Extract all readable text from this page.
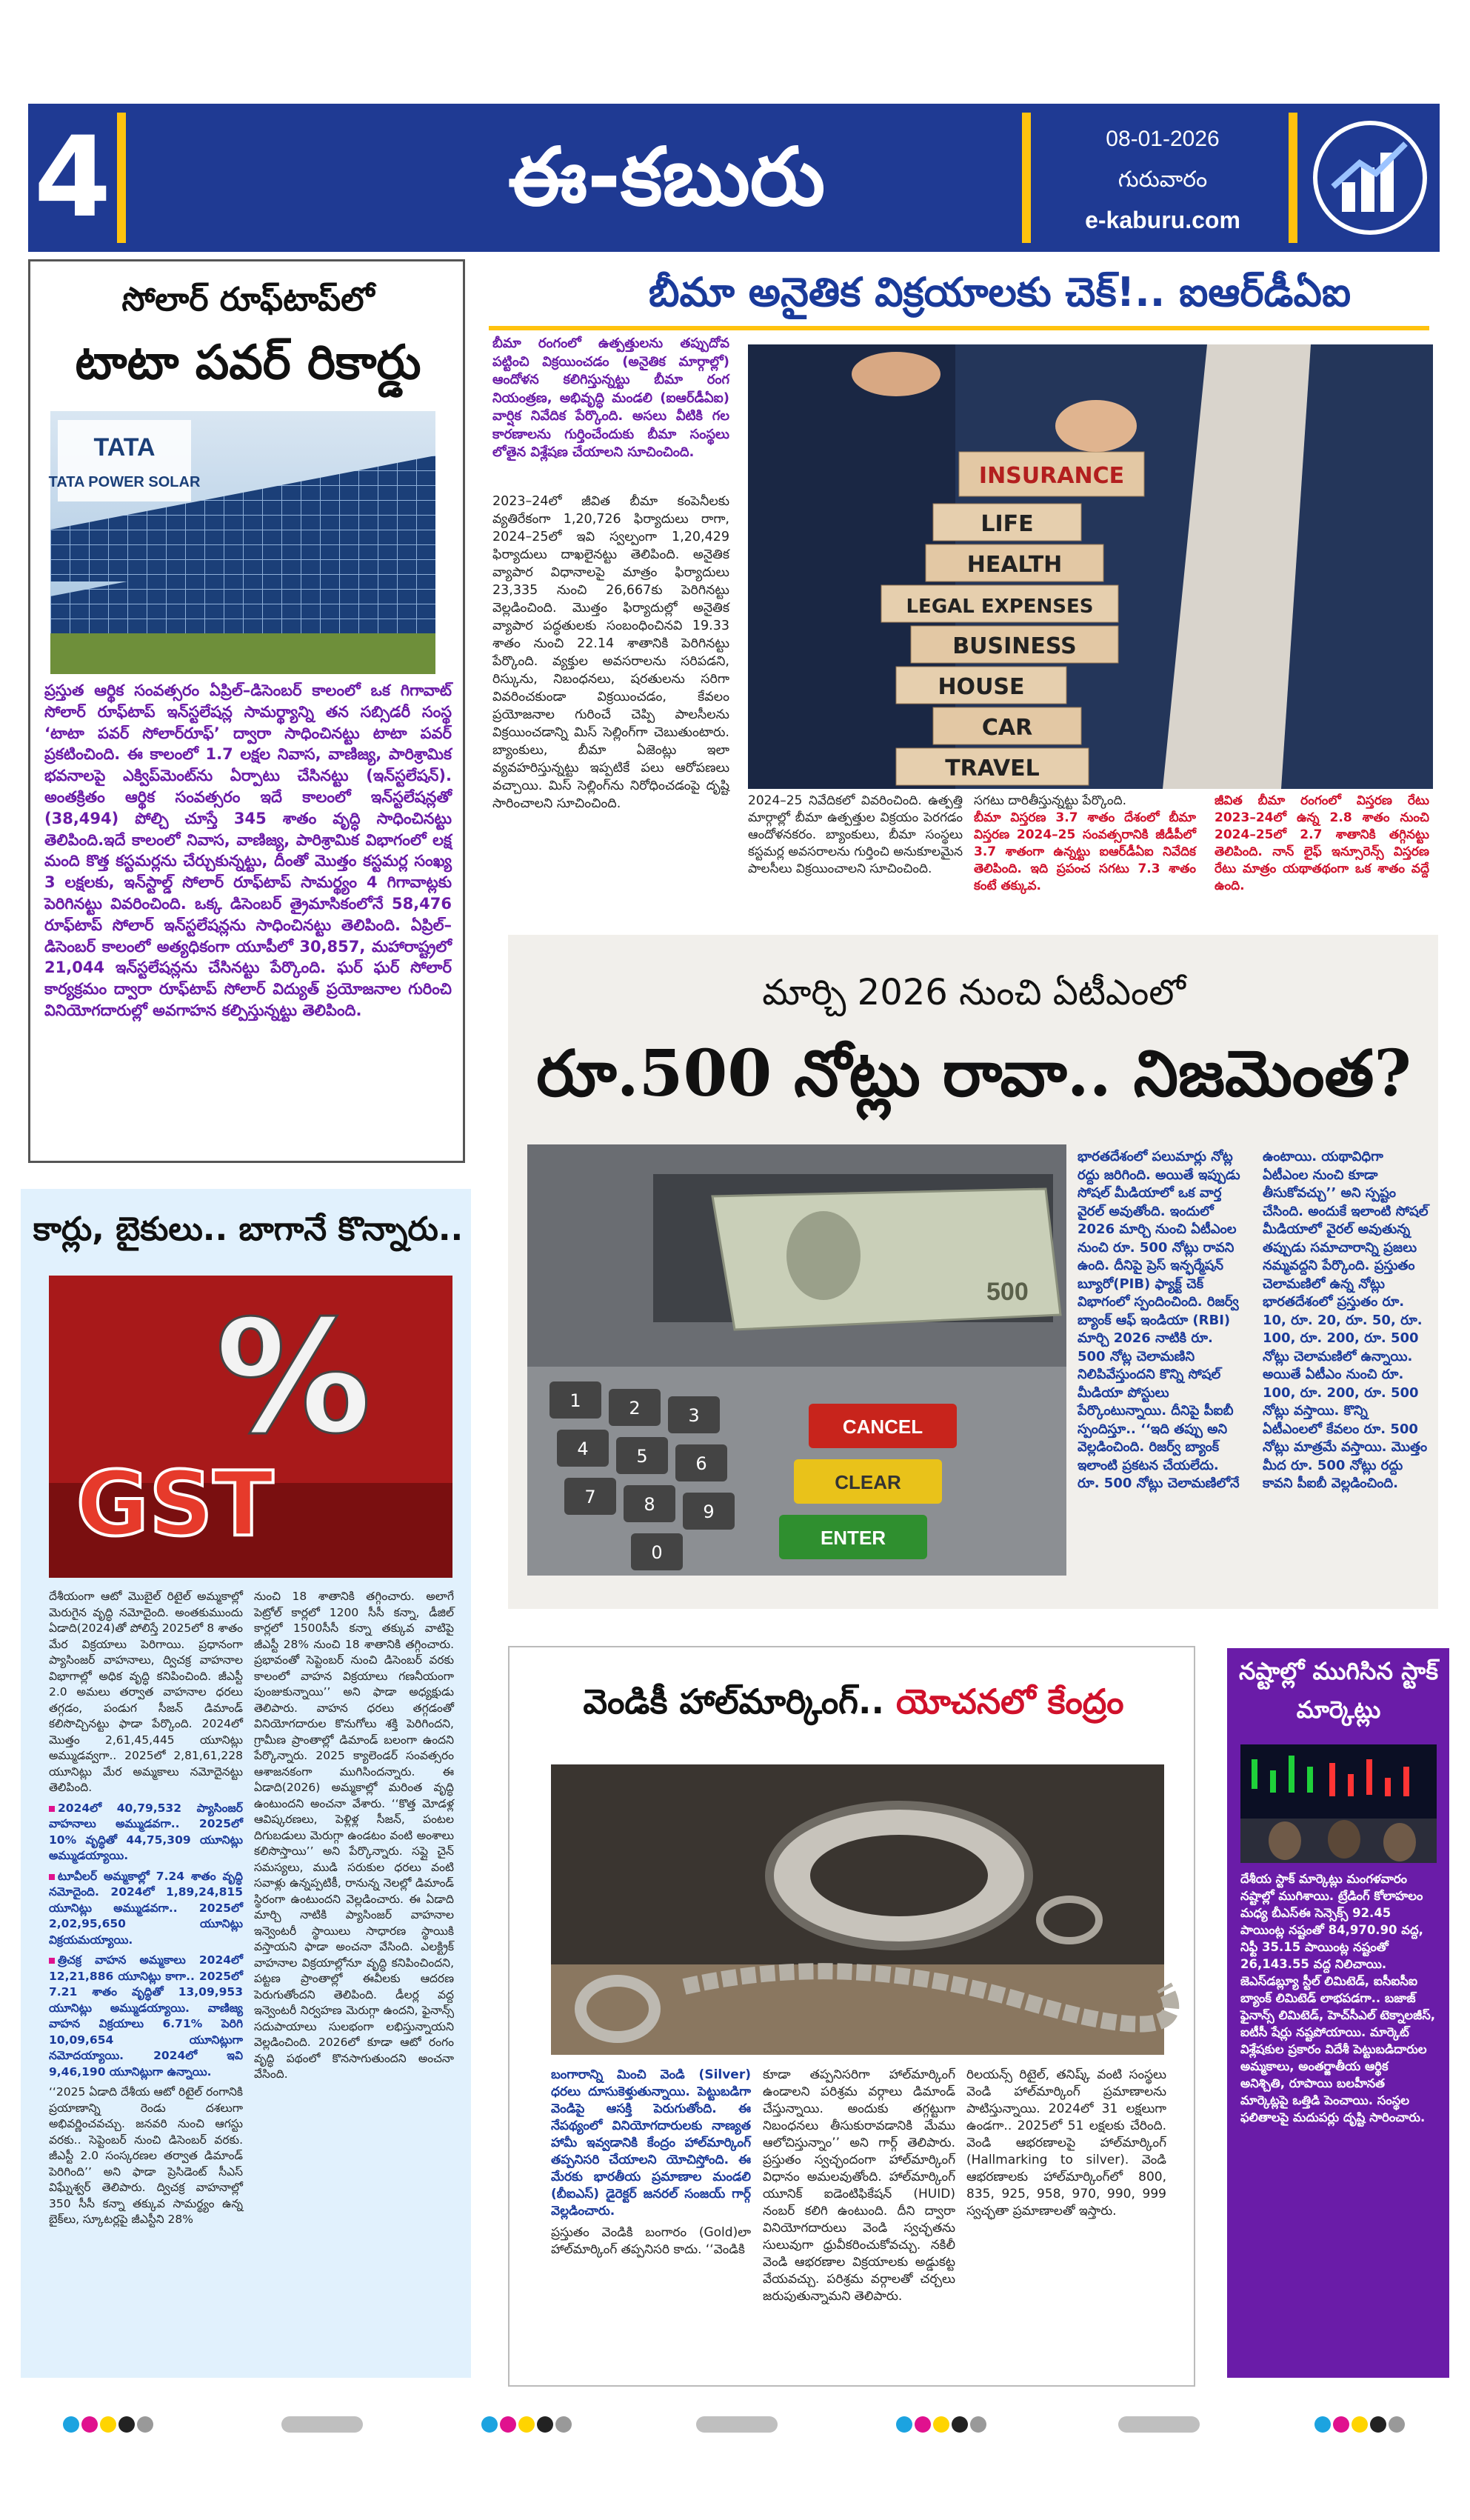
4	ఈ-కబురు	08-01-2026
గురువారం
e-kaburu.com
సోలార్ రూఫ్‌టాప్‌లో
టాటా పవర్ రికార్డు
TATA
TATA POWER SOLAR
ప్రస్తుత ఆర్థిక సంవత్సరం ఏప్రిల్–డిసెంబర్ కాలంలో ఒక గిగావాట్ సోలార్ రూఫ్‌టాప్ ఇన్‌స్టలేషన్ల సామర్థ్యాన్ని తన సబ్సిడరీ సంస్థ ‘టాటా పవర్ సోలార్‌రూఫ్’ ద్వారా సాధించినట్టు టాటా పవర్ ప్రకటించింది. ఈ కాలంలో 1.7 లక్షల నివాస, వాణిజ్య, పారిశ్రామిక భవనాలపై ఎక్విప్‌మెంట్‌ను ఏర్పాటు చేసినట్టు (ఇన్‌స్టలేషన్). అంతక్రితం ఆర్థిక సంవత్సరం ఇదే కాలంలో ఇన్‌స్టలేషన్లతో (38,494) పోల్చి చూస్తే 345 శాతం వృద్ధి సాధించినట్టు తెలిపింది.ఇదే కాలంలో నివాస, వాణిజ్య, పారిశ్రామిక విభాగంలో లక్ష మంది కొత్త కస్టమర్లను చేర్చుకున్నట్టు, దీంతో మొత్తం కస్టమర్ల సంఖ్య 3 లక్షలకు, ఇన్‌స్టాల్డ్ సోలార్ రూఫ్‌టాప్ సామర్థ్యం 4 గిగావాట్లకు పెరిగినట్టు వివరించింది. ఒక్క డిసెంబర్ త్రైమాసికంలోనే 58,476 రూఫ్‌టాప్ సోలార్ ఇన్‌స్టలేషన్లను సాధించినట్టు తెలిపింది. ఏప్రిల్–డిసెంబర్ కాలంలో అత్యధికంగా యూపీలో 30,857, మహారాష్ట్రలో 21,044 ఇన్‌స్టలేషన్లను చేసినట్టు పేర్కొంది. ఘర్ ఘర్ సోలార్ కార్యక్రమం ద్వారా రూఫ్‌టాప్ సోలార్ విద్యుత్ ప్రయోజనాల గురించి వినియోగదారుల్లో అవగాహన కల్పిస్తున్నట్టు తెలిపింది.
బీమా అనైతిక విక్రయాలకు చెక్!.. ఐఆర్‌డీఏఐ
బీమా రంగంలో ఉత్పత్తులను తప్పుదోవ పట్టించి విక్రయించడం (అనైతిక మార్గాల్లో) ఆందోళన కలిగిస్తున్నట్టు బీమా రంగ నియంత్రణ, అభివృద్ధి మండలి (ఐఆర్‌డీఏఐ) వార్షిక నివేదిక పేర్కొంది. అసలు వీటికి గల కారణాలను గుర్తించేందుకు బీమా సంస్థలు లోతైన విశ్లేషణ చేయాలని సూచించింది.
2023–24లో జీవిత బీమా కంపెనీలకు వ్యతిరేకంగా 1,20,726 ఫిర్యాదులు రాగా, 2024–25లో ఇవి స్వల్పంగా 1,20,429 ఫిర్యాదులు దాఖలైనట్టు తెలిపింది. అనైతిక వ్యాపార విధానాలపై మాత్రం ఫిర్యాదులు 23,335 నుంచి 26,667కు పెరిగినట్టు వెల్లడించింది. మొత్తం ఫిర్యాదుల్లో అనైతిక వ్యాపార పద్ధతులకు సంబంధించినవి 19.33 శాతం నుంచి 22.14 శాతానికి పెరిగినట్టు పేర్కొంది. వ్యక్తుల అవసరాలను సరిపడని, రిస్కును, నిబంధనలు, షరతులను సరిగా వివరించకుండా విక్రయించడం, కేవలం ప్రయోజనాల గురించే చెప్పి పాలసీలను విక్రయించడాన్ని మిస్‌ సెల్లింగ్‌గా చెబుతుంటారు. బ్యాంకులు, బీమా ఏజెంట్లు ఇలా వ్యవహరిస్తున్నట్టు ఇప్పటికే పలు ఆరోపణలు వచ్చాయి. మిస్ సెల్లింగ్‌ను నిరోధించడంపై దృష్టి సారించాలని సూచించింది.
INSURANCE
LIFE
HEALTH
LEGAL EXPENSES
BUSINESS
HOUSE
CAR
TRAVEL
2024–25 నివేదికలో వివరించింది. ఉత్పత్తి మార్గాల్లో బీమా ఉత్పత్తుల విక్రయం పెరగడం ఆందోళనకరం. బ్యాంకులు, బీమా సంస్థలు కస్టమర్ల అవసరాలను గుర్తించి అనుకూలమైన పాలసీలు విక్రయించాలని సూచించింది.
సగటు దారితీస్తున్నట్టు పేర్కొంది.
బీమా విస్తరణ 3.7 శాతం దేశంలో బీమా విస్తరణ 2024–25 సంవత్సరానికి జీడీపీలో 3.7 శాతంగా ఉన్నట్టు ఐఆర్‌డీఏఐ నివేదిక తెలిపింది. ఇది ప్రపంచ సగటు 7.3 శాతం కంటే తక్కువ.
జీవిత బీమా రంగంలో విస్తరణ రేటు 2023–24లో ఉన్న 2.8 శాతం నుంచి 2024–25లో 2.7 శాతానికి తగ్గినట్టు తెలిపింది. నాన్ లైఫ్ ఇన్సూరెన్స్ విస్తరణ రేటు మాత్రం యథాతథంగా ఒక శాతం వద్దే ఉంది.
మార్చి 2026 నుంచి ఏటీఎంలో
రూ.500 నోట్లు రావా.. నిజమెంత?
500
1	2	3
4	5	6
7	8	9
0
CANCEL
CLEAR
ENTER
భారతదేశంలో పలుమార్లు నోట్ల రద్దు జరిగింది. అయితే ఇప్పుడు సోషల్ మీడియాలో ఒక వార్త వైరల్ అవుతోంది. ఇందులో 2026 మార్చి నుంచి ఏటీఎంల నుంచి రూ. 500 నోట్లు రావని ఉంది. దీనిపై ప్రెస్ ఇన్ఫర్మేషన్ బ్యూరో(PIB) ఫ్యాక్ట్ చెక్ విభాగంలో స్పందించింది. రిజర్వ్ బ్యాంక్ ఆఫ్ ఇండియా (RBI) మార్చి 2026 నాటికి రూ. 500 నోట్ల చెలామణిని నిలిపివేస్తుందని కొన్ని సోషల్ మీడియా పోస్టులు పేర్కొంటున్నాయి. దీనిపై పీఐబీ స్పందిస్తూ.. ‘‘ఇది తప్పు అని వెల్లడించింది. రిజర్వ్ బ్యాంక్ ఇలాంటి ప్రకటన చేయలేదు. రూ. 500 నోట్లు చెలామణిలోనే
ఉంటాయి. యథావిధిగా ఏటీఎంల నుంచి కూడా తీసుకోవచ్చు’’ అని స్పష్టం చేసింది. అందుకే ఇలాంటి సోషల్ మీడియాలో వైరల్ అవుతున్న తప్పుడు సమాచారాన్ని ప్రజలు నమ్మవద్దని పేర్కొంది. ప్రస్తుతం చెలామణిలో ఉన్న నోట్లు భారతదేశంలో ప్రస్తుతం రూ. 10, రూ. 20, రూ. 50, రూ. 100, రూ. 200, రూ. 500 నోట్లు చెలామణిలో ఉన్నాయి. అయితే ఏటీఎం నుంచి రూ. 100, రూ. 200, రూ. 500 నోట్లు వస్తాయి. కొన్ని ఏటీఎంలలో కేవలం రూ. 500 నోట్లు మాత్రమే వస్తాయి. మొత్తం మీద రూ. 500 నోట్లు రద్దు కావని పీఐబీ వెల్లడించింది.
కార్లు, బైకులు.. బాగానే కొన్నారు..
%
GST

దేశీయంగా ఆటో మొబైల్ రిటైల్ అమ్మకాల్లో మెరుగైన వృద్ధి నమోదైంది. అంతకుముందు ఏడాది(2024)తో పోలిస్తే 2025లో 8 శాతం మేర విక్రయాలు పెరిగాయి. ప్రధానంగా ప్యాసింజర్ వాహనాలు, ద్విచక్ర వాహనాల విభాగాల్లో అధిక వృద్ధి కనిపించింది. జీఎస్టీ 2.0 అమలు తర్వాత వాహనాల ధరలు తగ్గడం, పండుగ సీజన్ డిమాండ్ కలిసొచ్చినట్టు ఫాడా పేర్కొంది. 2024లో మొత్తం 2,61,45,445 యూనిట్లు అమ్ముడవ్వగా.. 2025లో 2,81,61,228 యూనిట్లు మేర అమ్మకాలు నమోదైనట్టు తెలిపింది.

2024లో 40,79,532 ప్యాసింజర్ వాహనాలు అమ్ముడవగా.. 2025లో 10% వృద్ధితో 44,75,309 యూనిట్లు అమ్ముడయ్యాయి.

టూవీలర్ అమ్మకాల్లో 7.24 శాతం వృద్ధి నమోదైంది. 2024లో 1,89,24,815 యూనిట్లు అమ్ముడవగా.. 2025లో 2,02,95,650 యూనిట్లు విక్రయమయ్యాయి.

త్రిచక్ర వాహన అమ్మకాలు 2024లో 12,21,886 యూనిట్లు కాగా.. 2025లో 7.21 శాతం వృద్ధితో 13,09,953 యూనిట్లు అమ్ముడయ్యాయి. వాణిజ్య వాహన విక్రయాలు 6.71% పెరిగి 10,09,654 యూనిట్లుగా నమోదయ్యాయి. 2024లో ఇవి 9,46,190 యూనిట్లుగా ఉన్నాయి.

‘‘2025 ఏడాది దేశీయ ఆటో రిటైల్ రంగానికి ప్రయాణాన్ని రెండు దశలుగా అభివర్ణించవచ్చు. జనవరి నుంచి ఆగస్టు వరకు.. సెప్టెంబర్ నుంచి డిసెంబర్ వరకు. జీఎస్టీ 2.0 సంస్కరణల తర్వాత డిమాండ్ పెరిగింది’’ అని ఫాడా ప్రెసిడెంట్ సీఎస్ విఘ్నేశ్వర్ తెలిపారు. ద్విచక్ర వాహనాల్లో 350 సీసీ కన్నా తక్కువ సామర్థ్యం ఉన్న బైక్‌లు, స్కూటర్లపై జీఎస్టీని 28%

నుంచి 18 శాతానికి తగ్గించారు. అలాగే పెట్రోల్ కార్లలో 1200 సీసీ కన్నా, డీజిల్ కార్లలో 1500సీసీ కన్నా తక్కువ వాటిపై జీఎస్టీ 28% నుంచి 18 శాతానికి తగ్గించారు. ప్రభావంతో సెప్టెంబర్ నుంచి డిసెంబర్ వరకు కాలంలో వాహన విక్రయాలు గణనీయంగా పుంజుకున్నాయి’’ అని ఫాడా అధ్యక్షుడు తెలిపారు. వాహన ధరలు తగ్గడంతో వినియోగదారుల కొనుగోలు శక్తి పెరిగిందని, గ్రామీణ ప్రాంతాల్లో డిమాండ్ బలంగా ఉందని పేర్కొన్నారు. 2025 క్యాలెండర్ సంవత్సరం ఆశాజనకంగా ముగిసిందన్నారు. ఈ ఏడాది(2026) అమ్మకాల్లో మరింత వృద్ధి ఉంటుందని అంచనా వేశారు. ‘‘కొత్త మోడళ్ల ఆవిష్కరణలు, పెళ్లిళ్ల సీజన్, పంటల దిగుబడులు మెరుగ్గా ఉండటం వంటి అంశాలు కలిసొస్తాయి’’ అని పేర్కొన్నారు. సప్లై చైన్ సమస్యలు, ముడి సరుకుల ధరలు వంటి సవాళ్లు ఉన్నప్పటికీ, రానున్న నెలల్లో డిమాండ్ స్థిరంగా ఉంటుందని వెల్లడించారు. ఈ ఏడాది మార్చి నాటికి ప్యాసింజర్ వాహనాల ఇన్వెంటరీ స్థాయిలు సాధారణ స్థాయికి వస్తాయని ఫాడా అంచనా వేసింది. ఎలక్ట్రిక్ వాహనాల విక్రయాల్లోనూ వృద్ధి కనిపించిందని, పట్టణ ప్రాంతాల్లో ఈవీలకు ఆదరణ పెరుగుతోందని తెలిపింది. డీలర్ల వద్ద ఇన్వెంటరీ నిర్వహణ మెరుగ్గా ఉందని, ఫైనాన్స్ సదుపాయాలు సులభంగా లభిస్తున్నాయని వెల్లడించింది. 2026లో కూడా ఆటో రంగం వృద్ధి పథంలో కొనసాగుతుందని అంచనా వేసింది.
వెండికీ హాల్‌మార్కింగ్.. యోచనలో కేంద్రం

బంగారాన్ని మించి వెండి (Silver) ధరలు దూసుకెళ్తుతున్నాయి. పెట్టుబడిగా వెండిపై ఆసక్తి పెరుగుతోంది. ఈ నేపథ్యంలో వినియోగదారులకు నాణ్యత హామీ ఇవ్వడానికి కేంద్రం హాల్‌మార్కింగ్ తప్పనిసరి చేయాలని యోచిస్తోంది. ఈ మేరకు భారతీయ ప్రమాణాల మండలి (బీఐఎస్) డైరెక్టర్ జనరల్ సంజయ్ గార్గ్ వెల్లడించారు.

ప్రస్తుతం వెండికి బంగారం (Gold)లా హాల్‌మార్కింగ్ తప్పనిసరి కాదు. ‘‘వెండికి

కూడా తప్పనిసరిగా హాల్‌మార్కింగ్ ఉండాలని పరిశ్రమ వర్గాలు డిమాండ్ చేస్తున్నాయి. అందుకు తగ్గట్టుగా నిబంధనలు తీసుకురావడానికి మేము ఆలోచిస్తున్నాం’’ అని గార్గ్ తెలిపారు. ప్రస్తుతం స్వచ్ఛందంగా హాల్‌మార్కింగ్ విధానం అమలవుతోంది. హాల్‌మార్కింగ్ యూనిక్ ఐడెంటిఫికేషన్ (HUID) నంబర్ కలిగి ఉంటుంది. దీని ద్వారా వినియోగదారులు వెండి స్వచ్ఛతను సులువుగా ధ్రువీకరించుకోవచ్చు. నకిలీ వెండి ఆభరణాల విక్రయాలకు అడ్డుకట్ట వేయవచ్చు. పరిశ్రమ వర్గాలతో చర్చలు జరుపుతున్నామని తెలిపారు.
రిలయన్స్ రిటైల్, తనిష్క్ వంటి సంస్థలు వెండి హాల్‌మార్కింగ్ ప్రమాణాలను పాటిస్తున్నాయి. 2024లో 31 లక్షలుగా ఉండగా.. 2025లో 51 లక్షలకు చేరింది. వెండి ఆభరణాలపై హాల్‌మార్కింగ్ (Hallmarking to silver). వెండి ఆభరణాలకు హాల్‌మార్కింగ్‌లో 800, 835, 925, 958, 970, 990, 999 స్వచ్ఛతా ప్రమాణాలతో ఇస్తారు.
నష్టాల్లో ముగిసిన స్టాక్ మార్కెట్లు
దేశీయ స్టాక్ మార్కెట్లు మంగళవారం నష్టాల్లో ముగిశాయి. ట్రేడింగ్ కోలాహలం మధ్య బీఎస్‌ఈ సెన్సెక్స్ 92.45 పాయింట్ల నష్టంతో 84,970.90 వద్ద, నిఫ్టీ 35.15 పాయింట్ల నష్టంతో 26,143.55 వద్ద నిలిచాయి. జెఎస్‌డబ్ల్యూ స్టీల్ లిమిటెడ్, ఐసీఐసీఐ బ్యాంక్ లిమిటెడ్ లాభపడగా.. బజాజ్ ఫైనాన్స్ లిమిటెడ్, హెచ్‌సీఎల్ టెక్నాలజీస్, ఐటీసీ షేర్లు నష్టపోయాయి. మార్కెట్ విశ్లేషకుల ప్రకారం విదేశీ పెట్టుబడిదారుల అమ్మకాలు, అంతర్జాతీయ ఆర్థిక అనిశ్చితి, రూపాయి బలహీనత మార్కెట్లపై ఒత్తిడి పెంచాయి. సంస్థల ఫలితాలపై మదుపర్లు దృష్టి సారించారు.
